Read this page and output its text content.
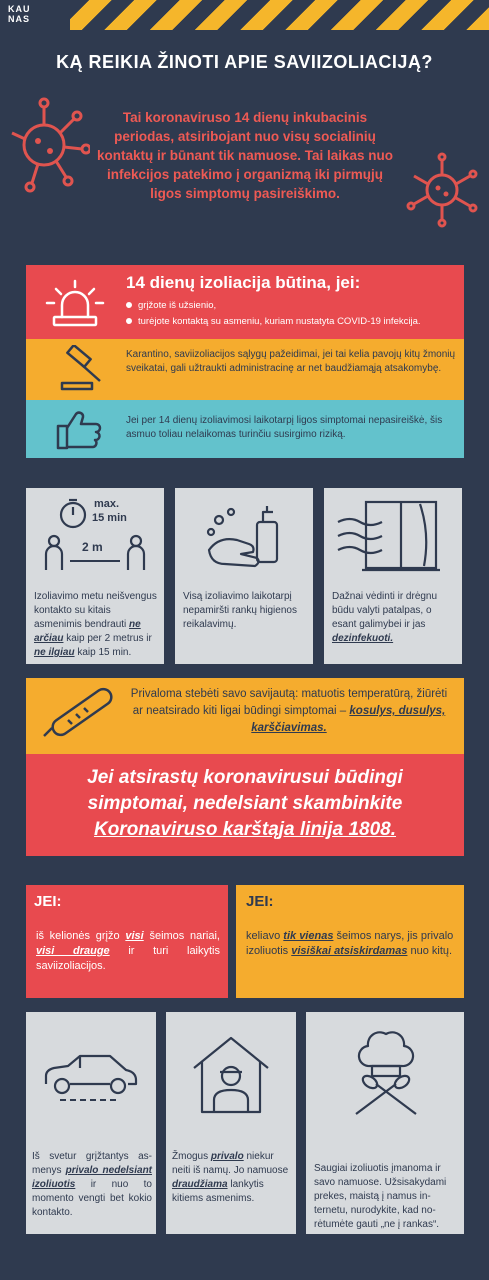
KAU
NAS
KĄ REIKIA ŽINOTI APIE SAVIIZOLIACIJĄ?
Tai koronaviruso 14 dienų inkubacinis periodas, atsiribojant nuo visų socialinių kontaktų ir būnant tik namuose. Tai laikas nuo infekcijos patekimo į organizmą iki pirmųjų ligos simptomų pasireiškimo.
14 dienų izoliacija būtina, jei:
grįžote iš užsienio,
turėjote kontaktą su asmeniu, kuriam nustatyta COVID-19 infekcija.
Karantino, saviizoliacijos sąlygų pažeidimai, jei tai kelia pavojų kitų žmonių sveikatai, gali užtraukti administracinę ar net baudžiamąją atsakomybę.
Jei per 14 dienų izoliavimosi laikotarpį ligos simptomai nepasireiškė, šis asmuo toliau nelaikomas turinčiu susirgimo riziką.
max.
15 min
2 m
Izoliavimo metu neišvengus kontakto su kitais asmenimis bendrauti ne arčiau kaip per 2 metrus ir ne ilgiau kaip 15 min.
Visą izoliavimo laikotarpį nepamiršti rankų higienos reikalavimų.
Dažnai vėdinti ir drėgnu būdu valyti patalpas, o esant galimybei ir jas dezinfekuoti.
Privaloma stebėti savo savijautą: matuotis temperatūrą, žiūrėti ar neatsirado kiti ligai būdingi simptomai – kosulys, dusulys, karščiavimas.
Jei atsirastų koronavirusui būdingi
simptomai, nedelsiant skambinkite
Koronaviruso karštąja linija 1808.
JEI:
iš kelionės grįžo visi šeimos nariai, visi drauge ir turi laikytis saviizoliacijos.
JEI:
keliavo tik vienas šeimos narys, jis privalo izoliuotis visiškai atsiskirdamas nuo kitų.
Iš svetur grįžtantys asmenys privalo nedelsiant izoliuotis ir nuo to momento vengti bet kokio kontakto.
Žmogus privalo niekur neiti iš namų. Jo namuose draudžiama lankytis kitiems asmenims.
Saugiai izoliuotis įmanoma ir savo namuose. Užsisakydami prekes, maistą į namus internetu, nurodykite, kad norėtumėte gauti „ne į rankas“.
